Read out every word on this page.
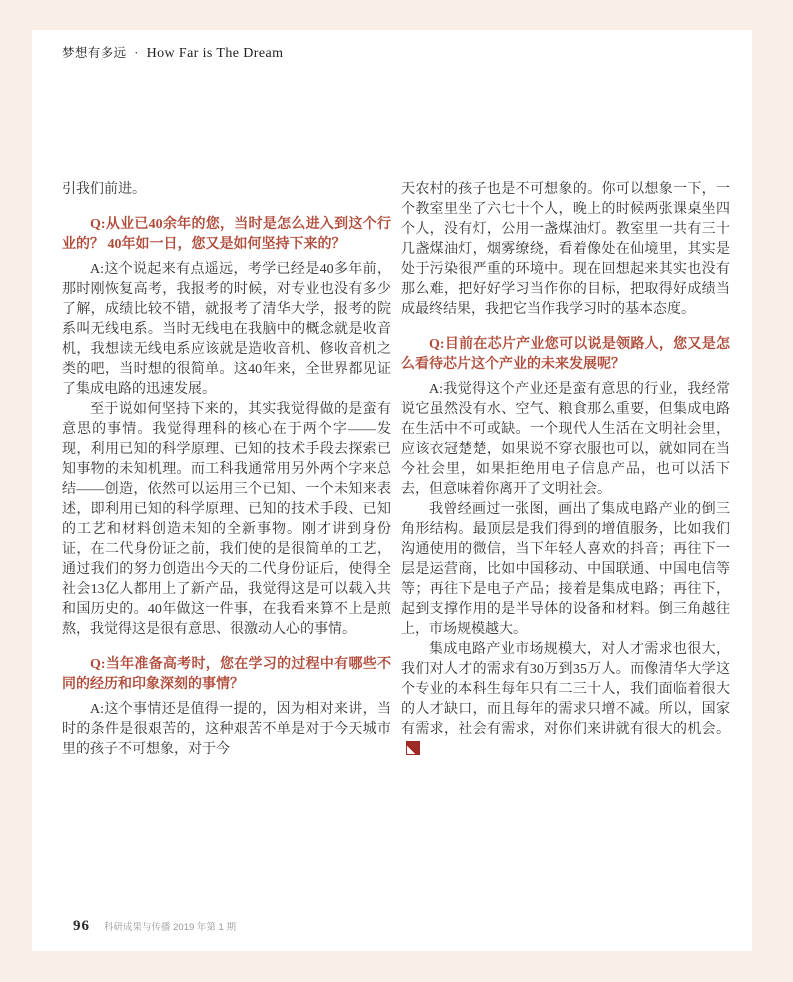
梦想有多远 · How Far is The Dream

引我们前进。

Q:从业已40余年的您，当时是怎么进入到这个行业的？ 40年如一日，您又是如何坚持下来的？

A:这个说起来有点遥远，考学已经是40多年前，那时刚恢复高考，我报考的时候，对专业也没有多少了解，成绩比较不错，就报考了清华大学，报考的院系叫无线电系。当时无线电在我脑中的概念就是收音机，我想读无线电系应该就是造收音机、修收音机之类的吧，当时想的很简单。这40年来，全世界都见证了集成电路的迅速发展。

至于说如何坚持下来的，其实我觉得做的是蛮有意思的事情。我觉得理科的核心在于两个字——发现，利用已知的科学原理、已知的技术手段去探索已知事物的未知机理。而工科我通常用另外两个字来总结——创造，依然可以运用三个已知、一个未知来表述，即利用已知的科学原理、已知的技术手段、已知的工艺和材料创造未知的全新事物。刚才讲到身份证，在二代身份证之前，我们使的是很简单的工艺，通过我们的努力创造出今天的二代身份证后，使得全社会13亿人都用上了新产品，我觉得这是可以载入共和国历史的。40年做这一件事，在我看来算不上是煎熬，我觉得这是很有意思、很激动人心的事情。

Q:当年准备高考时，您在学习的过程中有哪些不同的经历和印象深刻的事情？

A:这个事情还是值得一提的，因为相对来讲，当时的条件是很艰苦的，这种艰苦不单是对于今天城市里的孩子不可想象，对于今

天农村的孩子也是不可想象的。你可以想象一下，一个教室里坐了六七十个人，晚上的时候两张课桌坐四个人，没有灯，公用一盏煤油灯。教室里一共有三十几盏煤油灯，烟雾缭绕，看着像处在仙境里，其实是处于污染很严重的环境中。现在回想起来其实也没有那么难，把好好学习当作你的目标，把取得好成绩当成最终结果，我把它当作我学习时的基本态度。

Q:目前在芯片产业您可以说是领路人，您又是怎么看待芯片这个产业的未来发展呢？

A:我觉得这个产业还是蛮有意思的行业，我经常说它虽然没有水、空气、粮食那么重要，但集成电路在生活中不可或缺。一个现代人生活在文明社会里，应该衣冠楚楚，如果说不穿衣服也可以，就如同在当今社会里，如果拒绝用电子信息产品，也可以活下去，但意味着你离开了文明社会。

我曾经画过一张图，画出了集成电路产业的倒三角形结构。最顶层是我们得到的增值服务，比如我们沟通使用的微信，当下年轻人喜欢的抖音；再往下一层是运营商，比如中国移动、中国联通、中国电信等等；再往下是电子产品；接着是集成电路；再往下，起到支撑作用的是半导体的设备和材料。倒三角越往上，市场规模越大。

集成电路产业市场规模大，对人才需求也很大，我们对人才的需求有30万到35万人。而像清华大学这个专业的本科生每年只有二三十人，我们面临着很大的人才缺口，而且每年的需求只增不减。所以，国家有需求，社会有需求，对你们来讲就有很大的机会。

96 科研成果与传播 2019 年第 1 期
